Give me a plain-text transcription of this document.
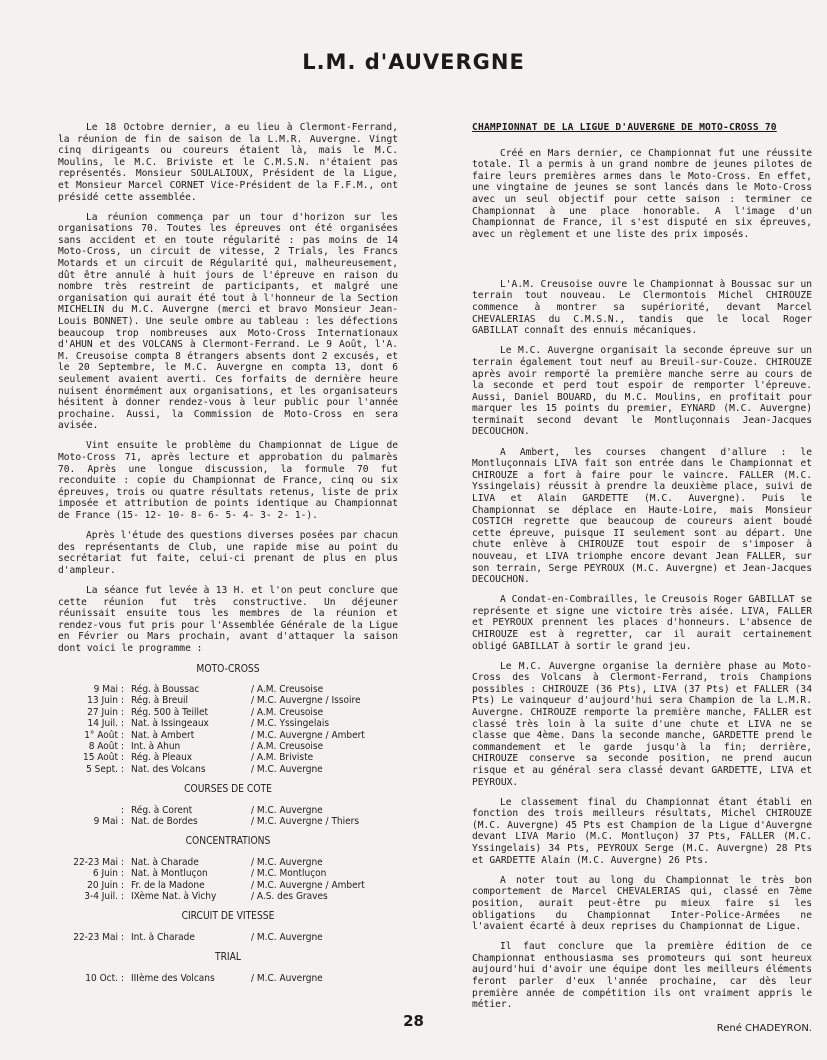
L.M. d'AUVERGNE

Le 18 Octobre dernier, a eu lieu à Clermont-Ferrand, la réunion de fin de saison de la L.M.R. Auvergne. Vingt cinq dirigeants ou coureurs étaient là, mais le M.C. Moulins, le M.C. Briviste et le C.M.S.N. n'étaient pas représentés. Monsieur SOULALIOUX, Président de la Ligue, et Monsieur Marcel CORNET Vice-Président de la F.F.M., ont présidé cette assemblée.

La réunion commença par un tour d'horizon sur les organisations 70. Toutes les épreuves ont été organisées sans accident et en toute régularité : pas moins de 14 Moto-Cross, un circuit de vitesse, 2 Trials, les Francs Motards et un circuit de Régularité qui, malheureusement, dût être annulé à huit jours de l'épreuve en raison du nombre très restreint de participants, et malgré une organisation qui aurait été tout à l'honneur de la Section MICHELIN du M.C. Auvergne (merci et bravo Monsieur Jean-Louis BONNET). Une seule ombre au tableau : les défections beaucoup trop nombreuses aux Moto-Cross Internationaux d'AHUN et des VOLCANS à Clermont-Ferrand. Le 9 Août, l'A. M. Creusoise compta 8 étrangers absents dont 2 excusés, et le 20 Septembre, le M.C. Auvergne en compta 13, dont 6 seulement avaient averti. Ces forfaits de dernière heure nuisent énormément aux organisations, et les organisateurs hésitent à donner rendez-vous à leur public pour l'année prochaine. Aussi, la Commission de Moto-Cross en sera avisée.

Vint ensuite le problème du Championnat de Ligue de Moto-Cross 71, après lecture et approbation du palmarès 70. Après une longue discussion, la formule 70 fut reconduite : copie du Championnat de France, cinq ou six épreuves, trois ou quatre résultats retenus, liste de prix imposée et attribution de points identique au Championnat de France (15- 12- 10- 8- 6- 5- 4- 3- 2- 1-).

Après l'étude des questions diverses posées par chacun des représentants de Club, une rapide mise au point du secrétariat fut faite, celui-ci prenant de plus en plus d'ampleur.

La séance fut levée à 13 H. et l'on peut conclure que cette réunion fut très constructive. Un déjeuner réunissait ensuite tous les membres de la réunion et rendez-vous fut pris pour l'Assemblée Générale de la Ligue en Février ou Mars prochain, avant d'attaquer la saison dont voici le programme :

MOTO-CROSS
9 Mai : Rég. à Boussac	/ A.M. Creusoise
13 Juin : Rég. à Breuil	/ M.C. Auvergne / Issoire
27 Juin : Rég. 500 à Teillet	/ A.M. Creusoise
14 Juil. : Nat. à Issingeaux	/ M.C. Yssingelais
1° Août : Nat. à Ambert	/ M.C. Auvergne / Ambert
8 Août : Int. à Ahun	/ A.M. Creusoise
15 Août : Rég. à Pleaux	/ A.M. Briviste
5 Sept. : Nat. des Volcans	/ M.C. Auvergne
COURSES DE COTE
: Rég. à Corent	/ M.C. Auvergne
9 Mai : Nat. de Bordes	/ M.C. Auvergne / Thiers
CONCENTRATIONS
22-23 Mai : Nat. à Charade	/ M.C. Auvergne
6 Juin : Nat. à Montluçon	/ M.C. Montluçon
20 Juin : Fr. de la Madone	/ M.C. Auvergne / Ambert
3-4 Juil. : IXème Nat. à Vichy	/ A.S. des Graves
CIRCUIT DE VITESSE
22-23 Mai : Int. à Charade	/ M.C. Auvergne
TRIAL
10 Oct. : IIIème des Volcans	/ M.C. Auvergne
CHAMPIONNAT DE LA LIGUE D'AUVERGNE DE MOTO-CROSS 70

Créé en Mars dernier, ce Championnat fut une réussite totale. Il a permis à un grand nombre de jeunes pilotes de faire leurs premières armes dans le Moto-Cross. En effet, une vingtaine de jeunes se sont lancés dans le Moto-Cross avec un seul objectif pour cette saison : terminer ce Championnat à une place honorable. A l'image d'un Championnat de France, il s'est disputé en six épreuves, avec un règlement et une liste des prix imposés.

L'A.M. Creusoise ouvre le Championnat à Boussac sur un terrain tout nouveau. Le Clermontois Michel CHIROUZE commence à montrer sa supériorité, devant Marcel CHEVALERIAS du C.M.S.N., tandis que le local Roger GABILLAT connaît des ennuis mécaniques.

Le M.C. Auvergne organisait la seconde épreuve sur un terrain également tout neuf au Breuil-sur-Couze. CHIROUZE après avoir remporté la première manche serre au cours de la seconde et perd tout espoir de remporter l'épreuve. Aussi, Daniel BOUARD, du M.C. Moulins, en profitait pour marquer les 15 points du premier, EYNARD (M.C. Auvergne) terminait second devant le Montluçonnais Jean-Jacques DECOUCHON.

A Ambert, les courses changent d'allure : le Montluçonnais LIVA fait son entrée dans le Championnat et CHIROUZE a fort à faire pour le vaincre. FALLER (M.C. Yssingelais) réussit à prendre la deuxième place, suivi de LIVA et Alain GARDETTE (M.C. Auvergne). Puis le Championnat se déplace en Haute-Loire, mais Monsieur COSTICH regrette que beaucoup de coureurs aient boudé cette épreuve, puisque II seulement sont au départ. Une chute enlève à CHIROUZE tout espoir de s'imposer à nouveau, et LIVA triomphe encore devant Jean FALLER, sur son terrain, Serge PEYROUX (M.C. Auvergne) et Jean-Jacques DECOUCHON.

A Condat-en-Combrailles, le Creusois Roger GABILLAT se représente et signe une victoire très aisée. LIVA, FALLER et PEYROUX prennent les places d'honneurs. L'absence de CHIROUZE est à regretter, car il aurait certainement obligé GABILLAT à sortir le grand jeu.

Le M.C. Auvergne organise la dernière phase au Moto-Cross des Volcans à Clermont-Ferrand, trois Champions possibles : CHIROUZE (36 Pts), LIVA (37 Pts) et FALLER (34 Pts) Le vainqueur d'aujourd'hui sera Champion de la L.M.R. Auvergne. CHIROUZE remporte la première manche, FALLER est classé très loin à la suite d'une chute et LIVA ne se classe que 4ème. Dans la seconde manche, GARDETTE prend le commandement et le garde jusqu'à la fin; derrière, CHIROUZE conserve sa seconde position, ne prend aucun risque et au général sera classé devant GARDETTE, LIVA et PEYROUX.

Le classement final du Championnat étant établi en fonction des trois meilleurs résultats, Michel CHIROUZE (M.C. Auvergne) 45 Pts est Champion de la Ligue d'Auvergne devant LIVA Mario (M.C. Montluçon) 37 Pts, FALLER (M.C. Yssingelais) 34 Pts, PEYROUX Serge (M.C. Auvergne) 28 Pts et GARDETTE Alain (M.C. Auvergne) 26 Pts.

A noter tout au long du Championnat le très bon comportement de Marcel CHEVALERIAS qui, classé en 7ème position, aurait peut-être pu mieux faire si les obligations du Championnat Inter-Police-Armées ne l'avaient écarté à deux reprises du Championnat de Ligue.

Il faut conclure que la première édition de ce Championnat enthousiasma ses promoteurs qui sont heureux aujourd'hui d'avoir une équipe dont les meilleurs éléments feront parler d'eux l'année prochaine, car dès leur première année de compétition ils ont vraiment appris le métier.

René CHADEYRON.
28
